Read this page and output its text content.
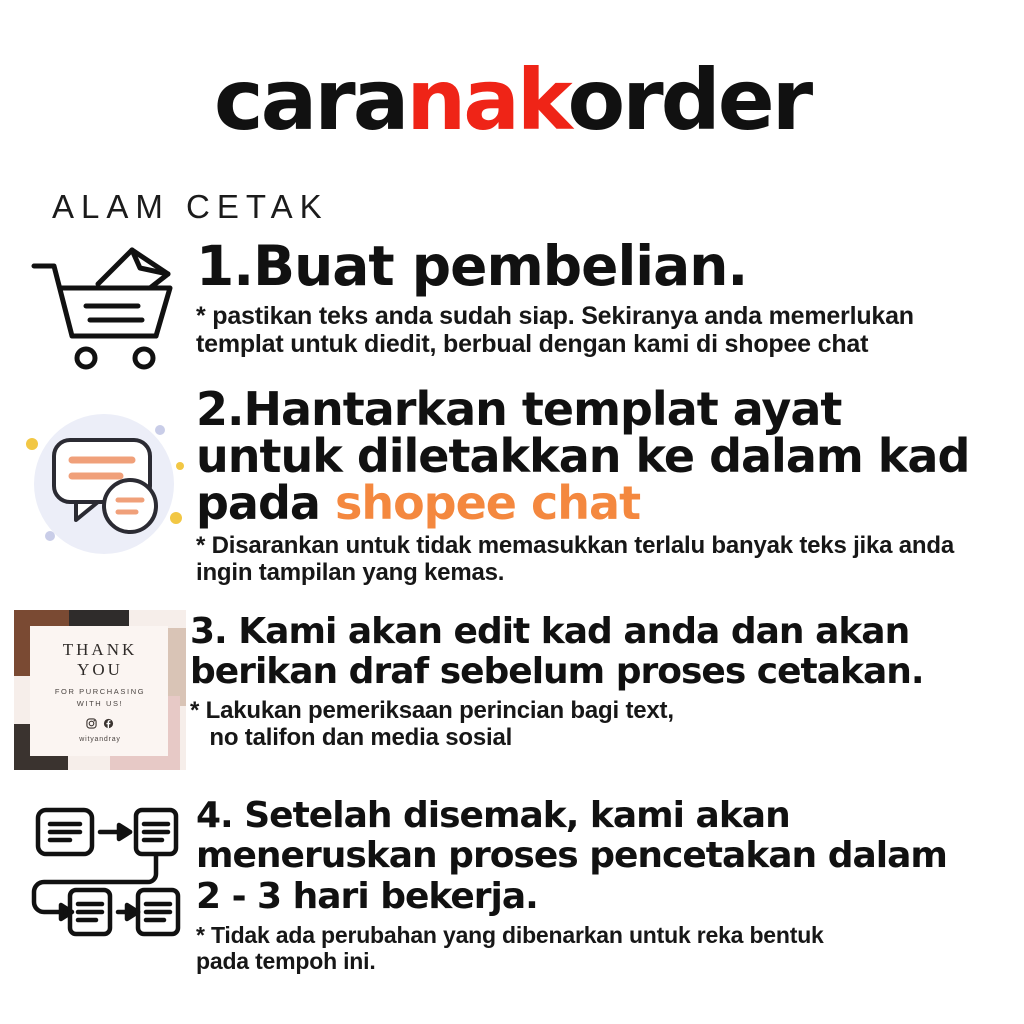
caranakorder
ALAM CETAK
THANK
YOU
FOR PURCHASING
WITH US!
wityandray
1.Buat pembelian.
* pastikan teks anda sudah siap. Sekiranya anda memerlukan templat untuk diedit, berbual dengan kami di shopee chat
2.Hantarkan templat ayat
untuk diletakkan ke dalam kad
pada shopee chat
* Disarankan untuk tidak memasukkan terlalu banyak teks jika anda ingin tampilan yang kemas.
3. Kami akan edit kad anda dan akan
berikan draf sebelum proses cetakan.
* Lakukan pemeriksaan perincian bagi text,
no talifon dan media sosial
4. Setelah disemak, kami akan
meneruskan proses pencetakan dalam
2 - 3 hari bekerja.
* Tidak ada perubahan yang dibenarkan untuk reka bentuk
pada tempoh ini.
